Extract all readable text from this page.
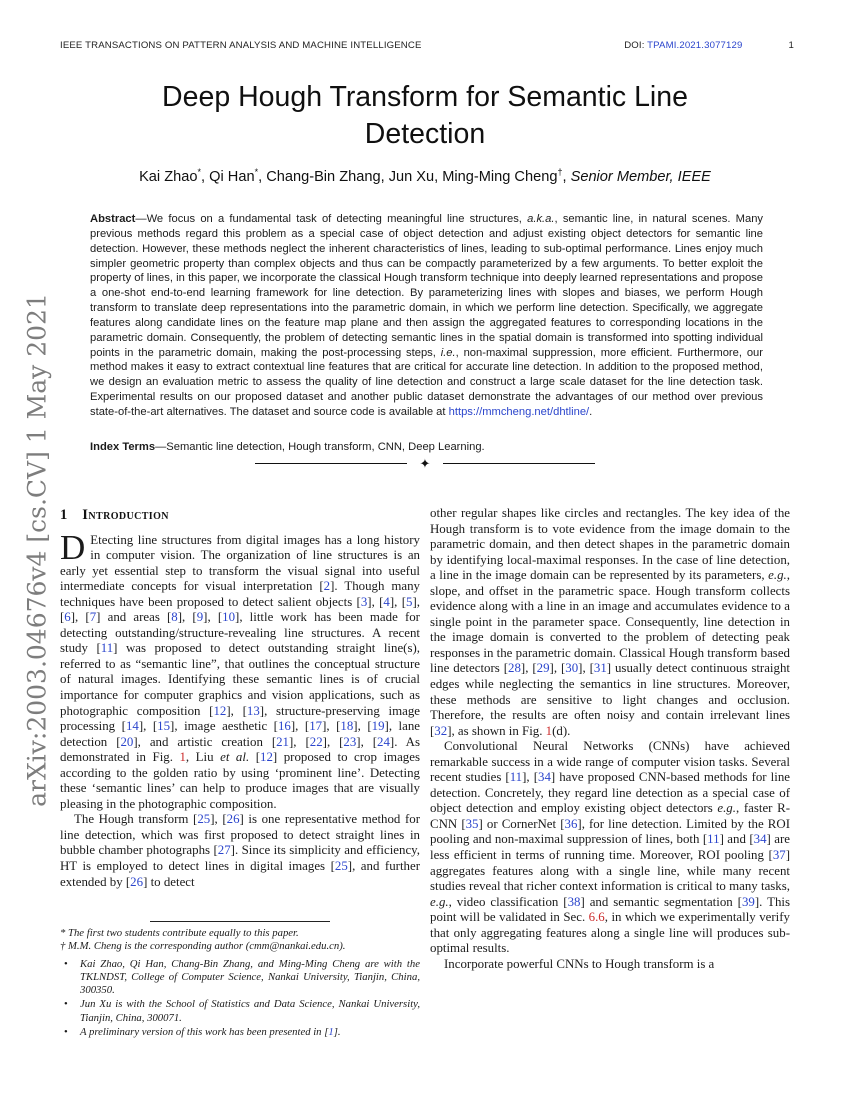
IEEE TRANSACTIONS ON PATTERN ANALYSIS AND MACHINE INTELLIGENCE	DOI: TPAMI.2021.3077129	1
arXiv:2003.04676v4 [cs.CV] 1 May 2021
Deep Hough Transform for Semantic Line Detection
Kai Zhao*, Qi Han*, Chang-Bin Zhang, Jun Xu, Ming-Ming Cheng†, Senior Member, IEEE
Abstract—We focus on a fundamental task of detecting meaningful line structures, a.k.a., semantic line, in natural scenes. Many previous methods regard this problem as a special case of object detection and adjust existing object detectors for semantic line detection. However, these methods neglect the inherent characteristics of lines, leading to sub-optimal performance. Lines enjoy much simpler geometric property than complex objects and thus can be compactly parameterized by a few arguments. To better exploit the property of lines, in this paper, we incorporate the classical Hough transform technique into deeply learned representations and propose a one-shot end-to-end learning framework for line detection. By parameterizing lines with slopes and biases, we perform Hough transform to translate deep representations into the parametric domain, in which we perform line detection. Specifically, we aggregate features along candidate lines on the feature map plane and then assign the aggregated features to corresponding locations in the parametric domain. Consequently, the problem of detecting semantic lines in the spatial domain is transformed into spotting individual points in the parametric domain, making the post-processing steps, i.e., non-maximal suppression, more efficient. Furthermore, our method makes it easy to extract contextual line features that are critical for accurate line detection. In addition to the proposed method, we design an evaluation metric to assess the quality of line detection and construct a large scale dataset for the line detection task. Experimental results on our proposed dataset and another public dataset demonstrate the advantages of our method over previous state-of-the-art alternatives. The dataset and source code is available at https://mmcheng.net/dhtline/.
Index Terms—Semantic line detection, Hough transform, CNN, Deep Learning.
✦
1 Introduction

D Etecting line structures from digital images has a long history in computer vision. The organization of line structures is an early yet essential step to transform the visual signal into useful intermediate concepts for visual interpretation [2]. Though many techniques have been proposed to detect salient objects [3], [4], [5], [6], [7] and areas [8], [9], [10], little work has been made for detecting outstanding/structure-revealing line structures. A recent study [11] was proposed to detect outstanding straight line(s), referred to as “semantic line”, that outlines the conceptual structure of natural images. Identifying these semantic lines is of crucial importance for computer graphics and vision applications, such as photographic composition [12], [13], structure-preserving image processing [14], [15], image aesthetic [16], [17], [18], [19], lane detection [20], and artistic creation [21], [22], [23], [24]. As demonstrated in Fig. 1, Liu et al. [12] proposed to crop images according to the golden ratio by using ‘prominent line’. Detecting these ‘semantic lines’ can help to produce images that are visually pleasing in the photographic composition.

The Hough transform [25], [26] is one representative method for line detection, which was first proposed to detect straight lines in bubble chamber photographs [27]. Since its simplicity and efficiency, HT is employed to detect lines in digital images [25], and further extended by [26] to detect

other regular shapes like circles and rectangles. The key idea of the Hough transform is to vote evidence from the image domain to the parametric domain, and then detect shapes in the parametric domain by identifying local-maximal responses. In the case of line detection, a line in the image domain can be represented by its parameters, e.g., slope, and offset in the parametric space. Hough transform collects evidence along with a line in an image and accumulates evidence to a single point in the parameter space. Consequently, line detection in the image domain is converted to the problem of detecting peak responses in the parametric domain. Classical Hough transform based line detectors [28], [29], [30], [31] usually detect continuous straight edges while neglecting the semantics in line structures. Moreover, these methods are sensitive to light changes and occlusion. Therefore, the results are often noisy and contain irrelevant lines [32], as shown in Fig. 1(d).

Convolutional Neural Networks (CNNs) have achieved remarkable success in a wide range of computer vision tasks. Several recent studies [11], [34] have proposed CNN-based methods for line detection. Concretely, they regard line detection as a special case of object detection and employ existing object detectors e.g., faster R-CNN [35] or CornerNet [36], for line detection. Limited by the ROI pooling and non-maximal suppression of lines, both [11] and [34] are less efficient in terms of running time. Moreover, ROI pooling [37] aggregates features along with a single line, while many recent studies reveal that richer context information is critical to many tasks, e.g., video classification [38] and semantic segmentation [39]. This point will be validated in Sec. 6.6, in which we experimentally verify that only aggregating features along a single line will produces sub-optimal results.

Incorporate powerful CNNs to Hough transform is a

* The first two students contribute equally to this paper.

† M.M. Cheng is the corresponding author (cmm@nankai.edu.cn).

• Kai Zhao, Qi Han, Chang-Bin Zhang, and Ming-Ming Cheng are with the TKLNDST, College of Computer Science, Nankai University, Tianjin, China, 300350.
• Jun Xu is with the School of Statistics and Data Science, Nankai University, Tianjin, China, 300071.
• A preliminary version of this work has been presented in [1].
